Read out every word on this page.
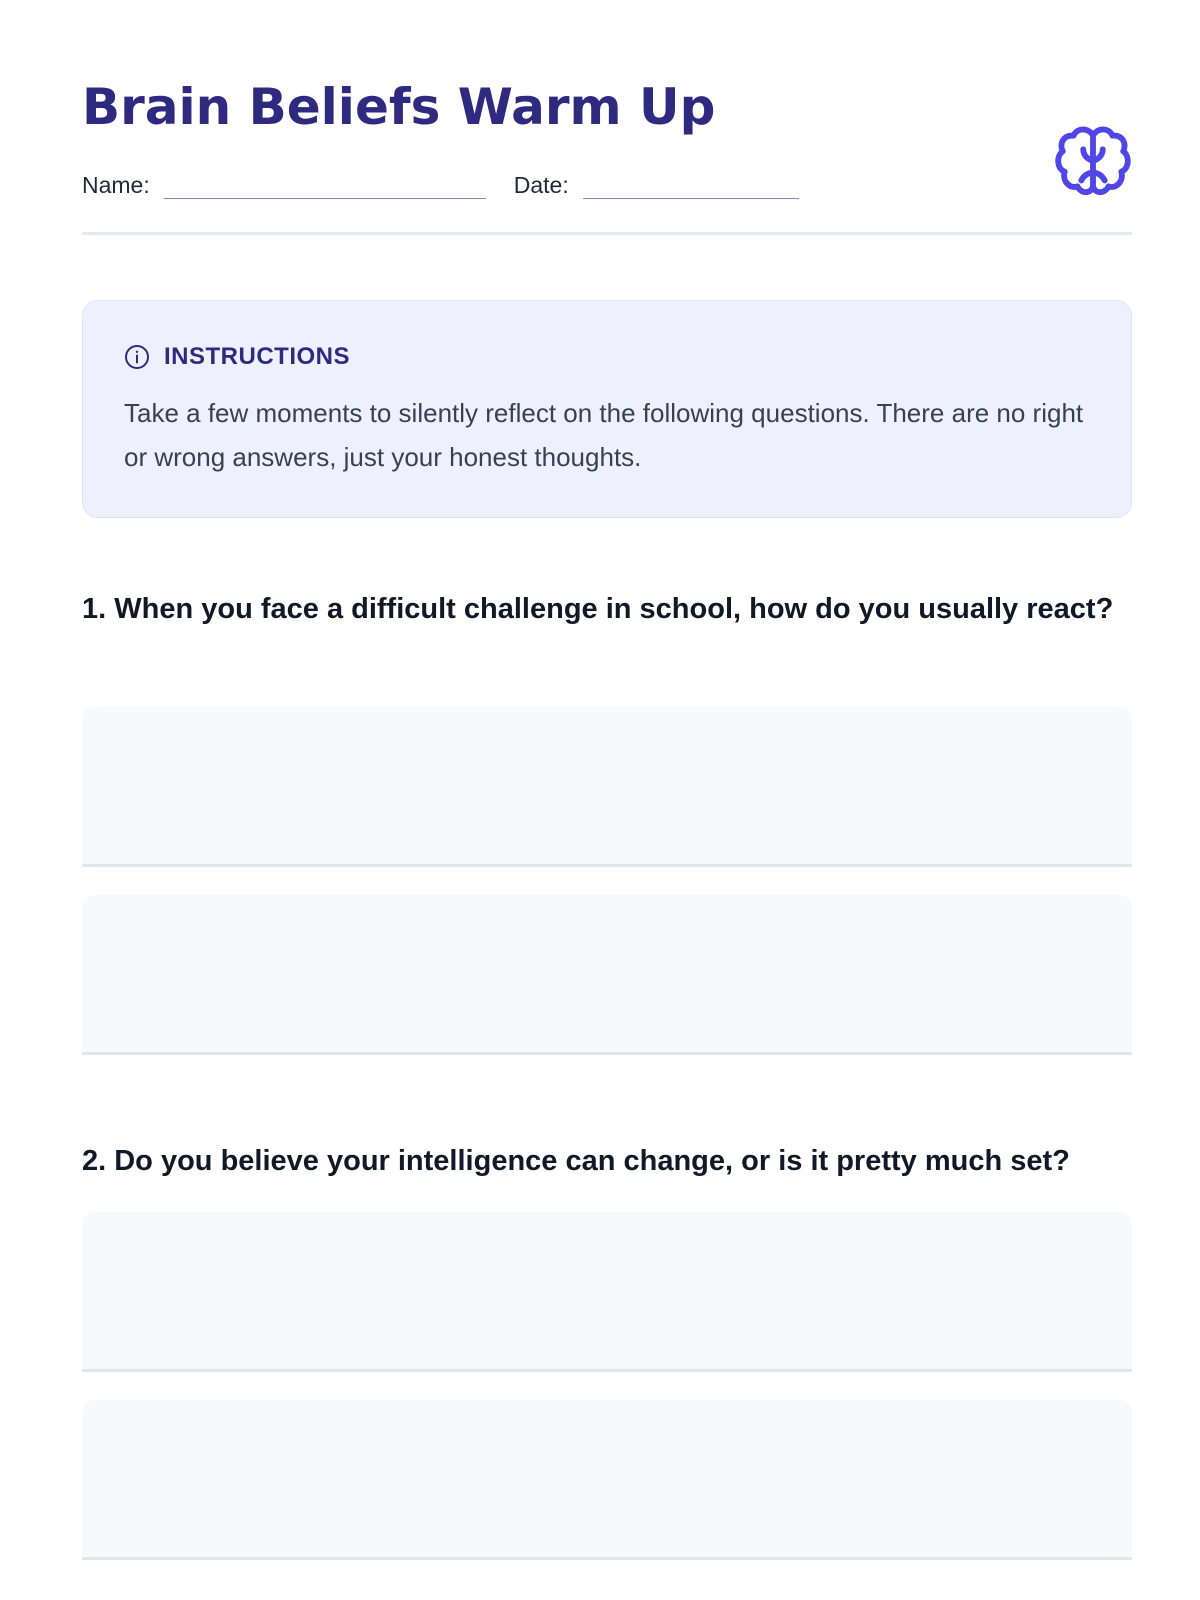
Brain Beliefs Warm Up
Name:	Date:
INSTRUCTIONS
Take a few moments to silently reflect on the following questions. There are no right or wrong answers, just your honest thoughts.

1. When you face a difficult challenge in school, how do you usually react?

2. Do you believe your intelligence can change, or is it pretty much set?
